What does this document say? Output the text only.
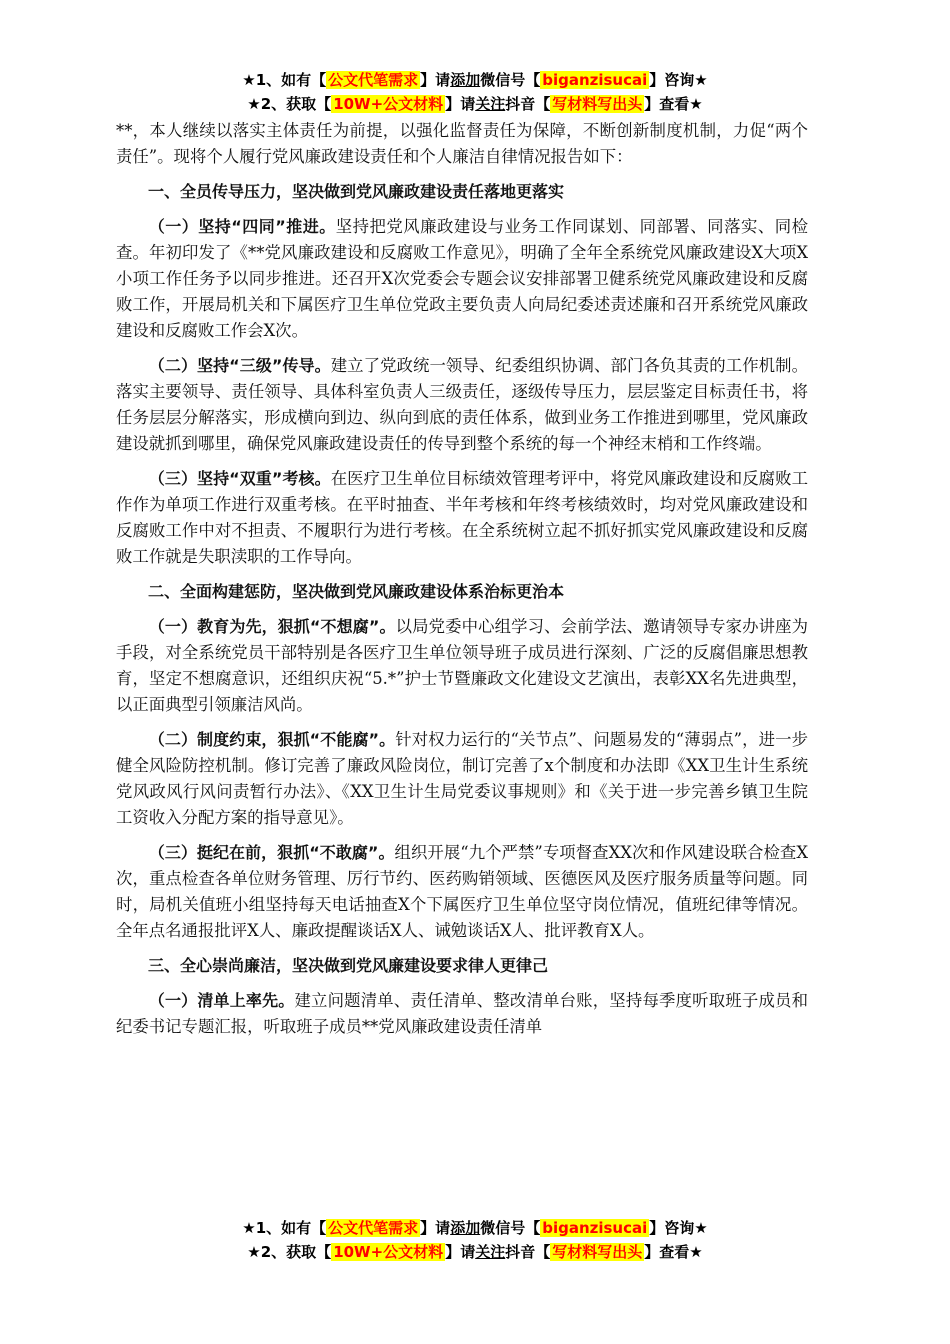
★1、如有【 公文代笔需求 】请添加微信号【 biganzisucai 】咨询★
★2、获取【 10W+公文材料 】请关注抖音【 写材料写出头 】查看★

**，本人继续以落实主体责任为前提，以强化监督责任为保障，不断创新制度机制，力促“两个责任”。现将个人履行党风廉政建设责任和个人廉洁自律情况报告如下：

一、全员传导压力，坚决做到党风廉政建设责任落地更落实

（一）坚持“四同”推进。坚持把党风廉政建设与业务工作同谋划、同部署、同落实、同检查。年初印发了《**党风廉政建设和反腐败工作意见》，明确了全年全系统党风廉政建设X大项X小项工作任务予以同步推进。还召开X次党委会专题会议安排部署卫健系统党风廉政建设和反腐败工作，开展局机关和下属医疗卫生单位党政主要负责人向局纪委述责述廉和召开系统党风廉政建设和反腐败工作会X次。

（二）坚持“三级”传导。建立了党政统一领导、纪委组织协调、部门各负其责的工作机制。落实主要领导、责任领导、具体科室负责人三级责任，逐级传导压力，层层鉴定目标责任书，将任务层层分解落实，形成横向到边、纵向到底的责任体系，做到业务工作推进到哪里，党风廉政建设就抓到哪里，确保党风廉政建设责任的传导到整个系统的每一个神经末梢和工作终端。

（三）坚持“双重”考核。在医疗卫生单位目标绩效管理考评中，将党风廉政建设和反腐败工作作为单项工作进行双重考核。在平时抽查、半年考核和年终考核绩效时，均对党风廉政建设和反腐败工作中对不担责、不履职行为进行考核。在全系统树立起不抓好抓实党风廉政建设和反腐败工作就是失职渎职的工作导向。

二、全面构建惩防，坚决做到党风廉政建设体系治标更治本

（一）教育为先，狠抓“不想腐”。以局党委中心组学习、会前学法、邀请领导专家办讲座为手段，对全系统党员干部特别是各医疗卫生单位领导班子成员进行深刻、广泛的反腐倡廉思想教育，坚定不想腐意识，还组织庆祝“5.*”护士节暨廉政文化建设文艺演出，表彰XX名先进典型，以正面典型引领廉洁风尚。

（二）制度约束，狠抓“不能腐”。针对权力运行的“关节点”、问题易发的“薄弱点”，进一步健全风险防控机制。修订完善了廉政风险岗位，制订完善了x个制度和办法即《XX卫生计生系统党风政风行风问责暂行办法》、《XX卫生计生局党委议事规则》和《关于进一步完善乡镇卫生院工资收入分配方案的指导意见》。

（三）挺纪在前，狠抓“不敢腐”。组织开展“九个严禁”专项督查XX次和作风建设联合检查X次，重点检查各单位财务管理、厉行节约、医药购销领域、医德医风及医疗服务质量等问题。同时，局机关值班小组坚持每天电话抽查X个下属医疗卫生单位坚守岗位情况，值班纪律等情况。全年点名通报批评X人、廉政提醒谈话X人、诫勉谈话X人、批评教育X人。

三、全心崇尚廉洁，坚决做到党风廉建设要求律人更律己

（一）清单上率先。建立问题清单、责任清单、整改清单台账，坚持每季度听取班子成员和纪委书记专题汇报，听取班子成员**党风廉政建设责任清单

★1、如有【 公文代笔需求 】请添加微信号【 biganzisucai 】咨询★
★2、获取【 10W+公文材料 】请关注抖音【 写材料写出头 】查看★
